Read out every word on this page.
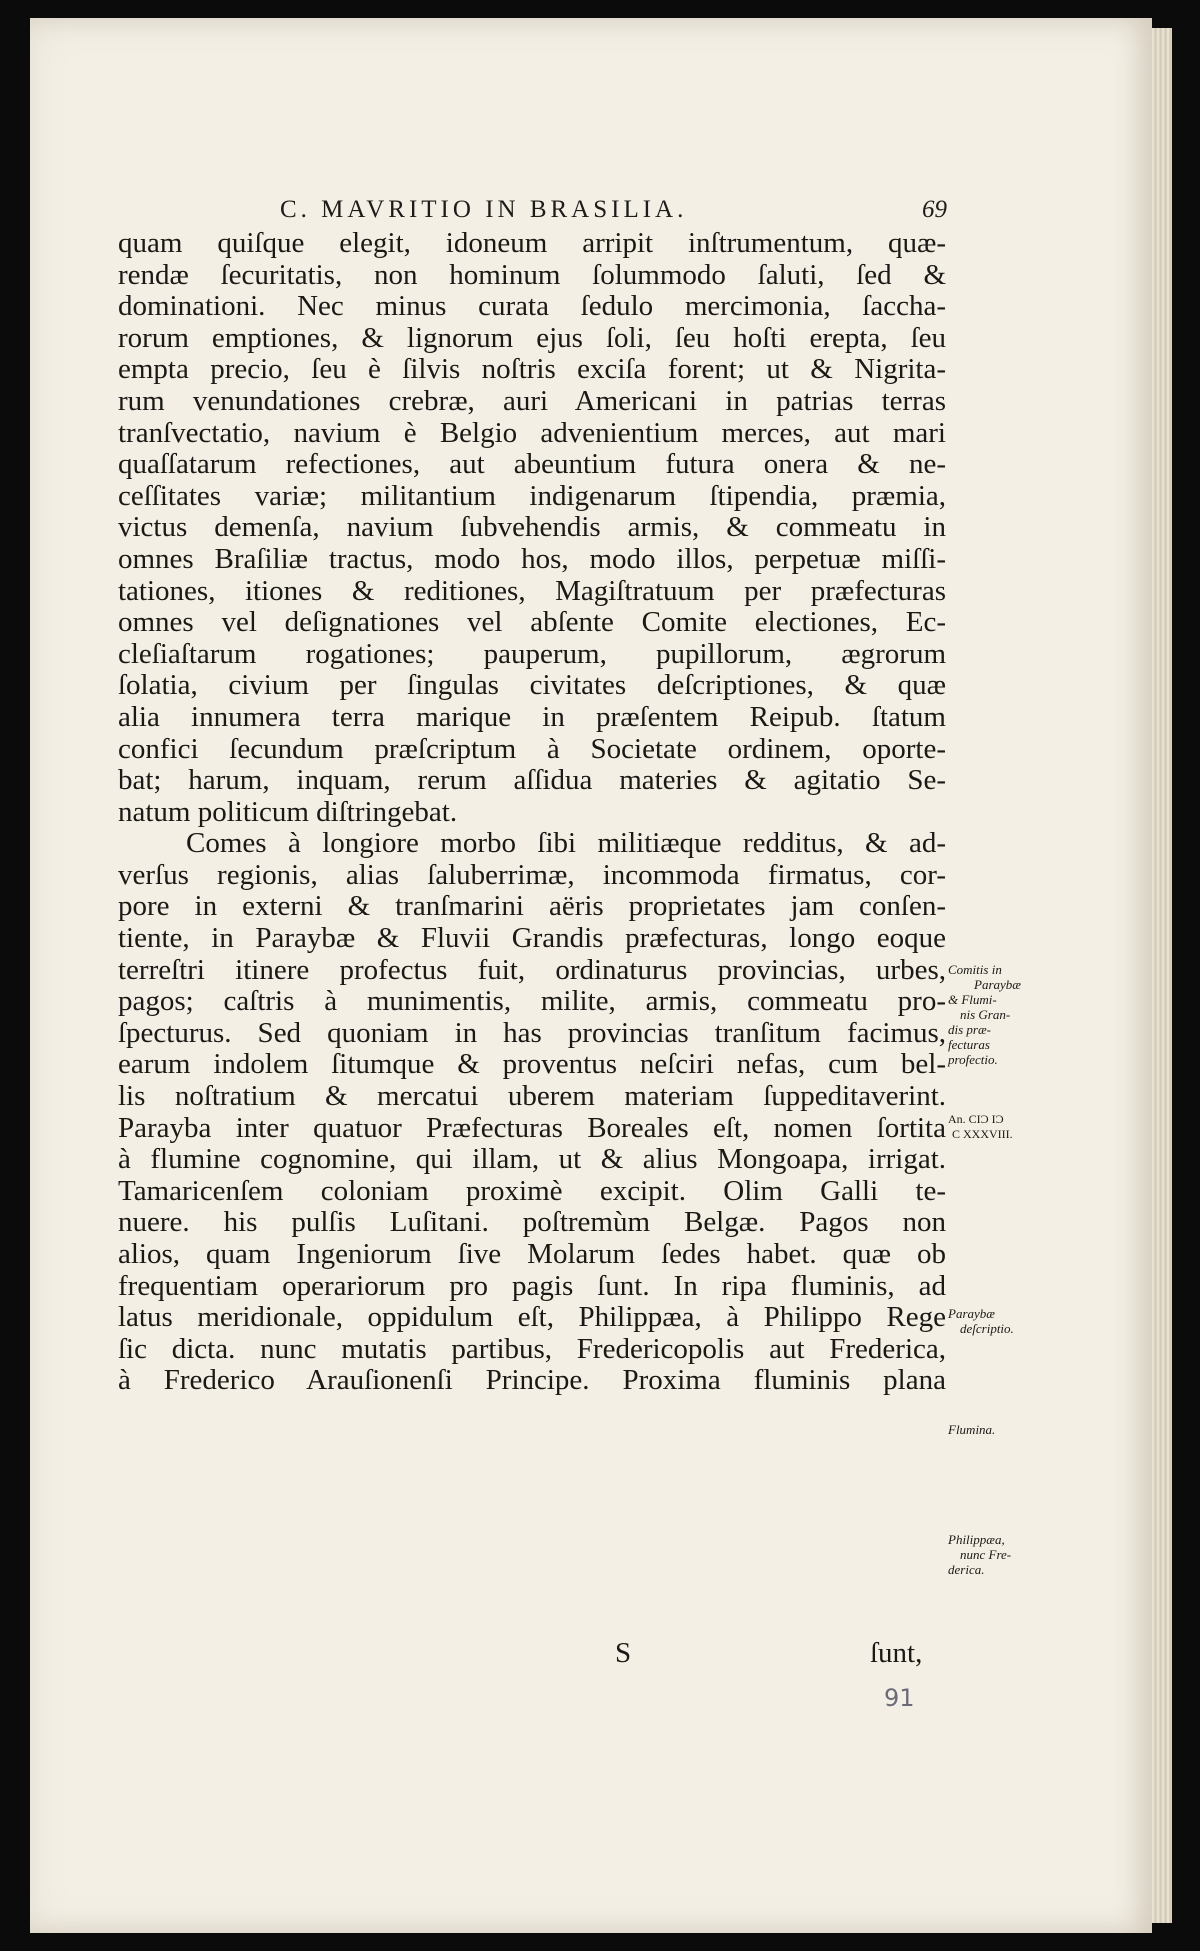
C. MAVRITIO IN BRASILIA.	69
quam quiſque elegit, idoneum arripit inſtrumentum, quæ-
rendæ ſecuritatis, non hominum ſolummodo ſaluti, ſed &
dominationi. Nec minus curata ſedulo mercimonia, ſaccha-
rorum emptiones, & lignorum ejus ſoli, ſeu hoſti erepta, ſeu
empta precio, ſeu è ſilvis noſtris exciſa forent; ut & Nigrita-
rum venundationes crebræ, auri Americani in patrias terras
tranſvectatio, navium è Belgio advenientium merces, aut mari
quaſſatarum refectiones, aut abeuntium futura onera & ne-
ceſſitates variæ; militantium indigenarum ſtipendia, præmia,
victus demenſa, navium ſubvehendis armis, & commeatu in
omnes Braſiliæ tractus, modo hos, modo illos, perpetuæ miſſi-
tationes, itiones & reditiones, Magiſtratuum per præfecturas
omnes vel deſignationes vel abſente Comite electiones, Ec-
cleſiaſtarum rogationes; pauperum, pupillorum, ægrorum
ſolatia, civium per ſingulas civitates deſcriptiones, & quæ
alia innumera terra marique in præſentem Reipub. ſtatum
confici ſecundum præſcriptum à Societate ordinem, oporte-
bat; harum, inquam, rerum aſſidua materies & agitatio Se-
natum politicum diſtringebat.
Comes à longiore morbo ſibi militiæque redditus, & ad-
verſus regionis, alias ſaluberrimæ, incommoda firmatus, cor-
pore in externi & tranſmarini aëris proprietates jam conſen-
tiente, in Paraybæ & Fluvii Grandis præfecturas, longo eoque
terreſtri itinere profectus fuit, ordinaturus provincias, urbes,
pagos; caſtris à munimentis, milite, armis, commeatu pro-
ſpecturus. Sed quoniam in has provincias tranſitum facimus,
earum indolem ſitumque & proventus neſciri nefas, cum bel-
lis noſtratium & mercatui uberem materiam ſuppeditaverint.
Parayba inter quatuor Præfecturas Boreales eſt, nomen ſortita
à flumine cognomine, qui illam, ut & alius Mongoapa, irrigat.
Tamaricenſem coloniam proximè excipit. Olim Galli te-
nuere. his pulſis Luſitani. poſtremùm Belgæ. Pagos non
alios, quam Ingeniorum ſive Molarum ſedes habet. quæ ob
frequentiam operariorum pro pagis ſunt. In ripa fluminis, ad
latus meridionale, oppidulum eſt, Philippæa, à Philippo Rege
ſic dicta. nunc mutatis partibus, Fredericopolis aut Frederica,
à Frederico Arauſionenſi Principe. Proxima fluminis plana
Comitis in
Paraybæ
& Flumi-
nis Gran-
dis præ-
fecturas
profectio.
An. CIƆ IƆ
C XXXVIII.
Paraybæ
deſcriptio.
Flumina.
Philippæa,
nunc Fre-
derica.
S	ſunt,
91
